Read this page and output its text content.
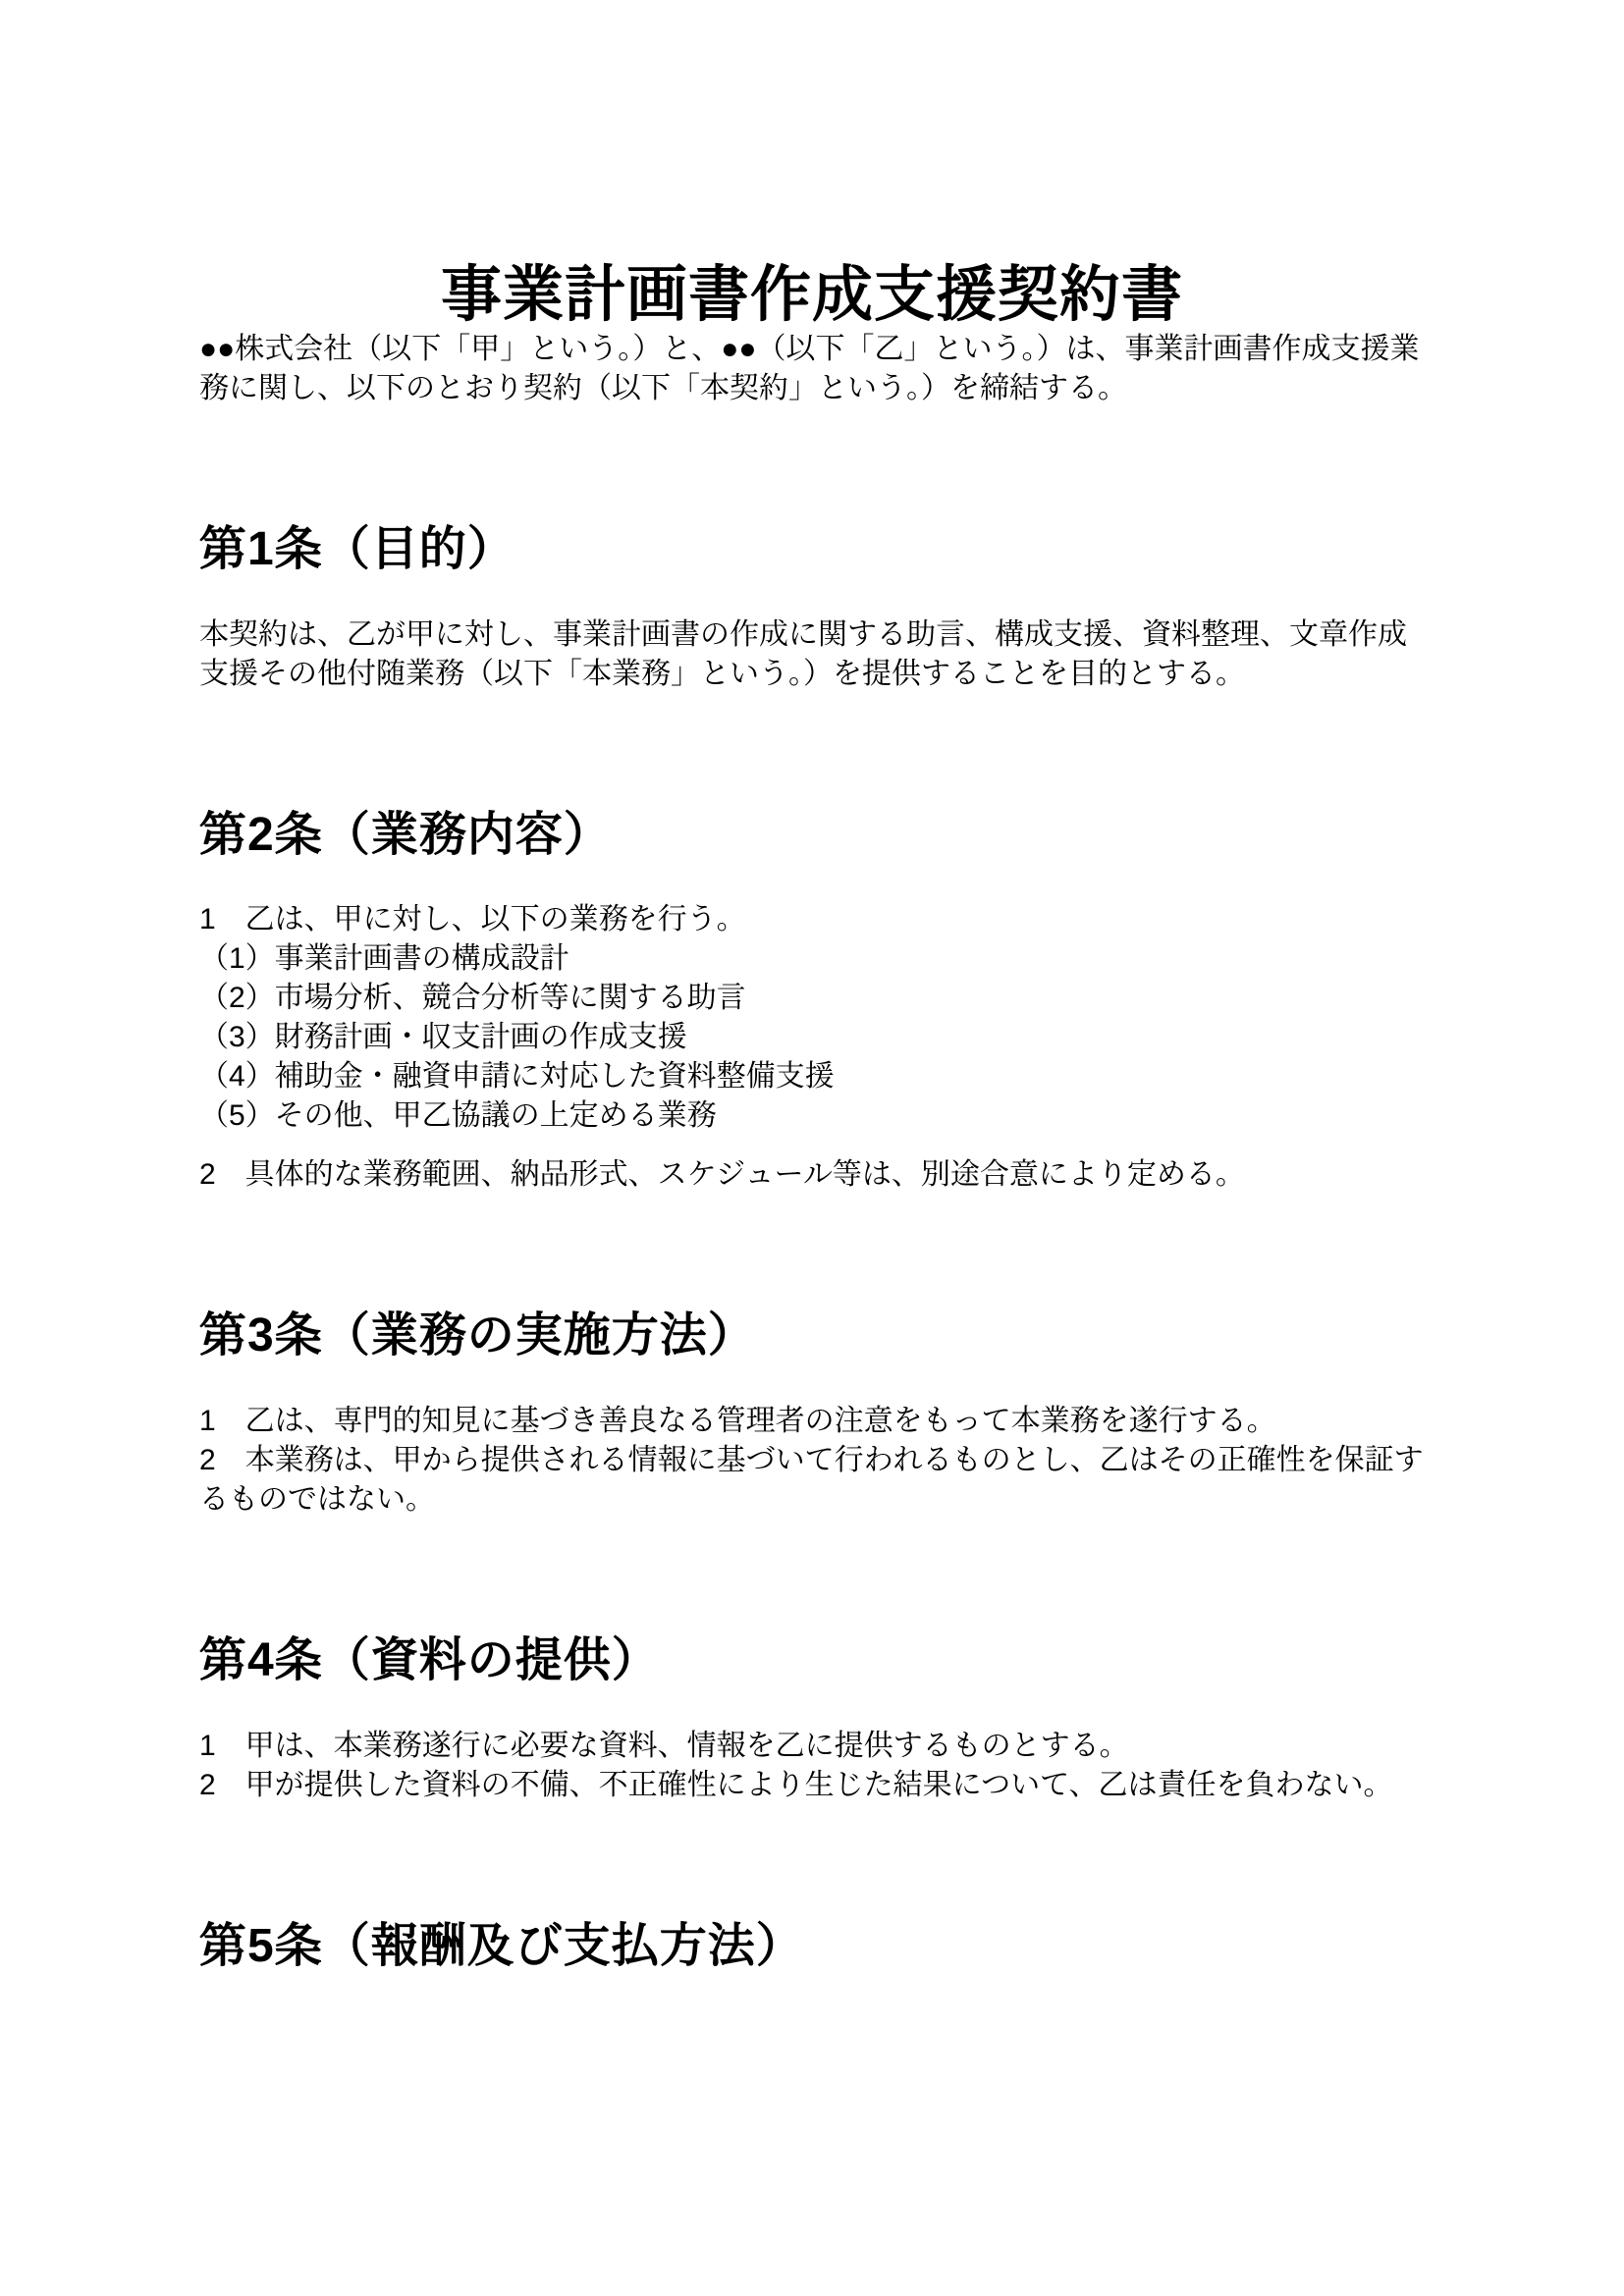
事業計画書作成支援契約書

●●株式会社（以下「甲」という。）と、●●（以下「乙」という。）は、事業計画書作成支援業務に関し、以下のとおり契約（以下「本契約」という。）を締結する。

第1条（目的）

本契約は、乙が甲に対し、事業計画書の作成に関する助言、構成支援、資料整理、文章作成支援その他付随業務（以下「本業務」という。）を提供することを目的とする。

第2条（業務内容）

1　乙は、甲に対し、以下の業務を行う。

（1）事業計画書の構成設計

（2）市場分析、競合分析等に関する助言

（3）財務計画・収支計画の作成支援

（4）補助金・融資申請に対応した資料整備支援

（5）その他、甲乙協議の上定める業務

2　具体的な業務範囲、納品形式、スケジュール等は、別途合意により定める。

第3条（業務の実施方法）

1　乙は、専門的知見に基づき善良なる管理者の注意をもって本業務を遂行する。

2　本業務は、甲から提供される情報に基づいて行われるものとし、乙はその正確性を保証するものではない。

第4条（資料の提供）

1　甲は、本業務遂行に必要な資料、情報を乙に提供するものとする。

2　甲が提供した資料の不備、不正確性により生じた結果について、乙は責任を負わない。

第5条（報酬及び支払方法）
